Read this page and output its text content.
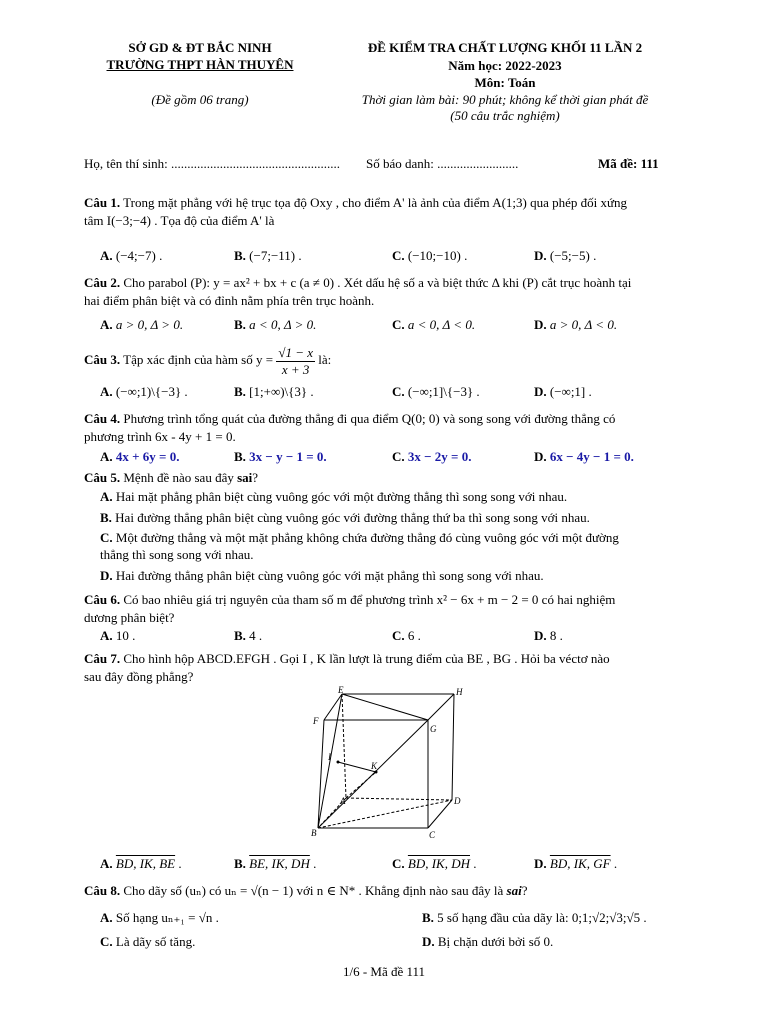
SỞ GD & ĐT BẮC NINH
TRƯỜNG THPT HÀN THUYÊN
(Đề gồm 06 trang)
ĐỀ KIỂM TRA CHẤT LƯỢNG KHỐI 11 LẦN 2
Năm học: 2022-2023
Môn: Toán
Thời gian làm bài: 90 phút; không kể thời gian phát đề
(50 câu trắc nghiệm)
Họ, tên thí sinh: .................................................... Số báo danh: .........................	Mã đề: 111
Câu 1. Trong mặt phẳng với hệ trục tọa độ Oxy , cho điểm A' là ảnh của điểm A(1;3) qua phép đối xứng
tâm I(−3;−4) . Tọa độ của điểm A' là
A. (−4;−7) .	B. (−7;−11) .	C. (−10;−10) .	D. (−5;−5) .
Câu 2. Cho parabol (P): y = ax² + bx + c (a ≠ 0) . Xét dấu hệ số a và biệt thức Δ khi (P) cắt trục hoành tại
hai điểm phân biệt và có đỉnh nằm phía trên trục hoành.
A. a > 0, Δ > 0.	B. a < 0, Δ > 0.	C. a < 0, Δ < 0.	D. a > 0, Δ < 0.
Câu 3. Tập xác định của hàm số $y = \frac{√1 - x}{x + 3}$ là:
A. (−∞;1)\{−3} .	B. [1;+∞)\{3} .	C. (−∞;1]\{−3} .	D. (−∞;1] .
Câu 4. Phương trình tổng quát của đường thẳng đi qua điểm Q(0; 0) và song song với đường thẳng có
phương trình 6x - 4y + 1 = 0.
A. 4x + 6y = 0.	B. 3x − y − 1 = 0.	C. 3x − 2y = 0.	D. 6x − 4y − 1 = 0.
Câu 5. Mệnh đề nào sau đây sai?
A. Hai mặt phẳng phân biệt cùng vuông góc với một đường thẳng thì song song với nhau.
B. Hai đường thẳng phân biệt cùng vuông góc với đường thẳng thứ ba thì song song với nhau.
C. Một đường thẳng và một mặt phẳng không chứa đường thẳng đó cùng vuông góc với một đường
thẳng thì song song với nhau.
D. Hai đường thẳng phân biệt cùng vuông góc với mặt phẳng thì song song với nhau.
Câu 6. Có bao nhiêu giá trị nguyên của tham số m để phương trình x² − 6x + m − 2 = 0 có hai nghiệm
dương phân biệt?
A. 10 .	B. 4 .	C. 6 .	D. 8 .
Câu 7. Cho hình hộp ABCD.EFGH . Gọi I , K lần lượt là trung điểm của BE , BG . Hỏi ba véctơ nào
sau đây đồng phẳng?
E	H
F
G
I
K
A	D
B	C
A. BD, IK, BE .	B. BE, IK, DH .	C. BD, IK, DH .	D. BD, IK, GF .
Câu 8. Cho dãy số (uₙ) có uₙ = √(n − 1) với n ∈ N* . Khẳng định nào sau đây là sai?
A. Số hạng uₙ₊₁ = √n .	B. 5 số hạng đầu của dãy là: 0;1;√2;√3;√5 .
C. Là dãy số tăng.	D. Bị chặn dưới bởi số 0.
1/6 - Mã đề 111
